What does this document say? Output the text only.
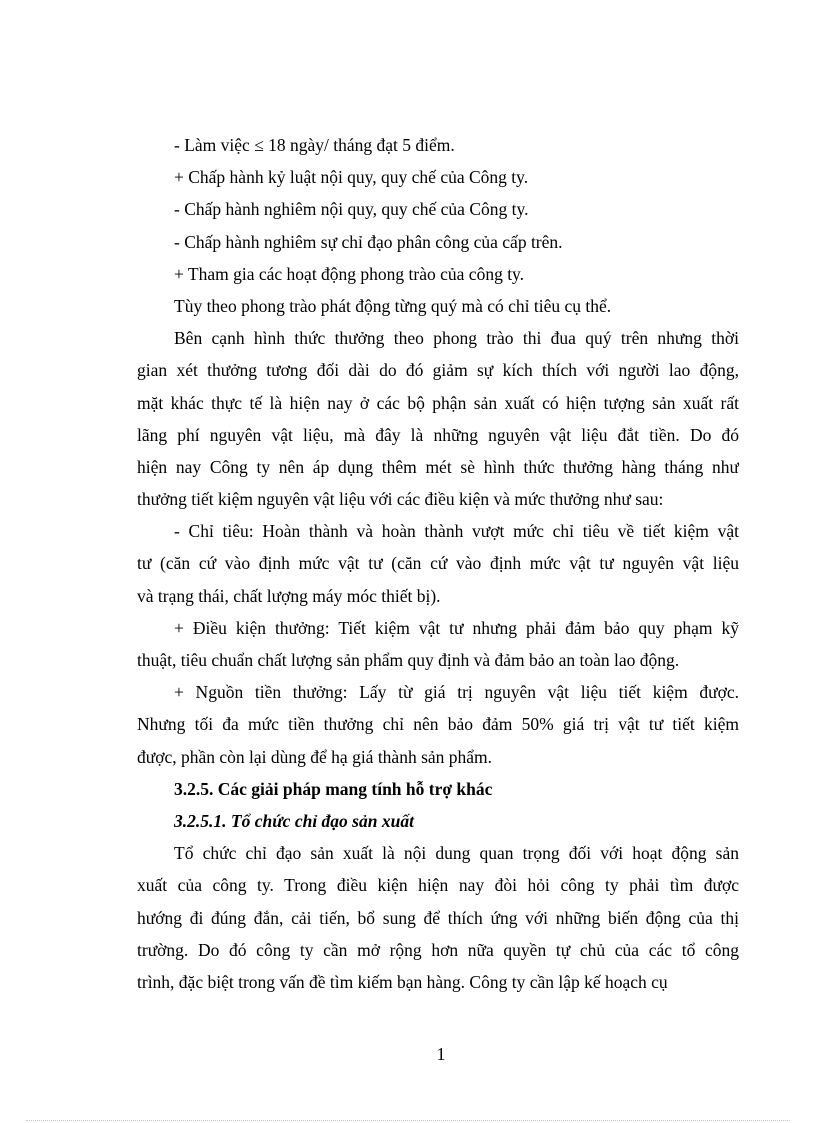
- Làm việc ≤ 18 ngày/ tháng đạt 5 điểm.
+ Chấp hành kỷ luật nội quy, quy chế của Công ty.
- Chấp hành nghiêm nội quy, quy chế của Công ty.
- Chấp hành nghiêm sự chỉ đạo phân công của cấp trên.
+ Tham gia các hoạt động phong trào của công ty.
Tùy theo phong trào phát động từng quý mà có chỉ tiêu cụ thể.
Bên cạnh hình thức thưởng theo phong trào thi đua quý trên nhưng thời
gian xét thưởng tương đối dài do đó giảm sự kích thích với người lao động,
mặt khác thực tế là hiện nay ở các bộ phận sản xuất có hiện tượng sản xuất rất
lãng phí nguyên vật liệu, mà đây là những nguyên vật liệu đắt tiền. Do đó
hiện nay Công ty nên áp dụng thêm mét sè hình thức thưởng hàng tháng như
thưởng tiết kiệm nguyên vật liệu với các điều kiện và mức thưởng như sau:
- Chỉ tiêu: Hoàn thành và hoàn thành vượt mức chỉ tiêu về tiết kiệm vật
tư (căn cứ vào định mức vật tư (căn cứ vào định mức vật tư nguyên vật liệu
và trạng thái, chất lượng máy móc thiết bị).
+ Điều kiện thưởng: Tiết kiệm vật tư nhưng phải đảm bảo quy phạm kỹ
thuật, tiêu chuẩn chất lượng sản phẩm quy định và đảm bảo an toàn lao động.
+ Nguồn tiền thưởng: Lấy từ giá trị nguyên vật liệu tiết kiệm được.
Nhưng tối đa mức tiền thưởng chỉ nên bảo đảm 50% giá trị vật tư tiết kiệm
được, phần còn lại dùng để hạ giá thành sản phẩm.
3.2.5. Các giải pháp mang tính hỗ trợ khác
3.2.5.1. Tổ chức chỉ đạo sản xuất
Tổ chức chỉ đạo sản xuất là nội dung quan trọng đối với hoạt động sản
xuất của công ty. Trong điều kiện hiện nay đòi hỏi công ty phải tìm được
hướng đi đúng đắn, cải tiến, bổ sung để thích ứng với những biến động của thị
trường. Do đó công ty cần mở rộng hơn nữa quyền tự chủ của các tổ công
trình, đặc biệt trong vấn đề tìm kiếm bạn hàng. Công ty cần lập kế hoạch cụ
1
